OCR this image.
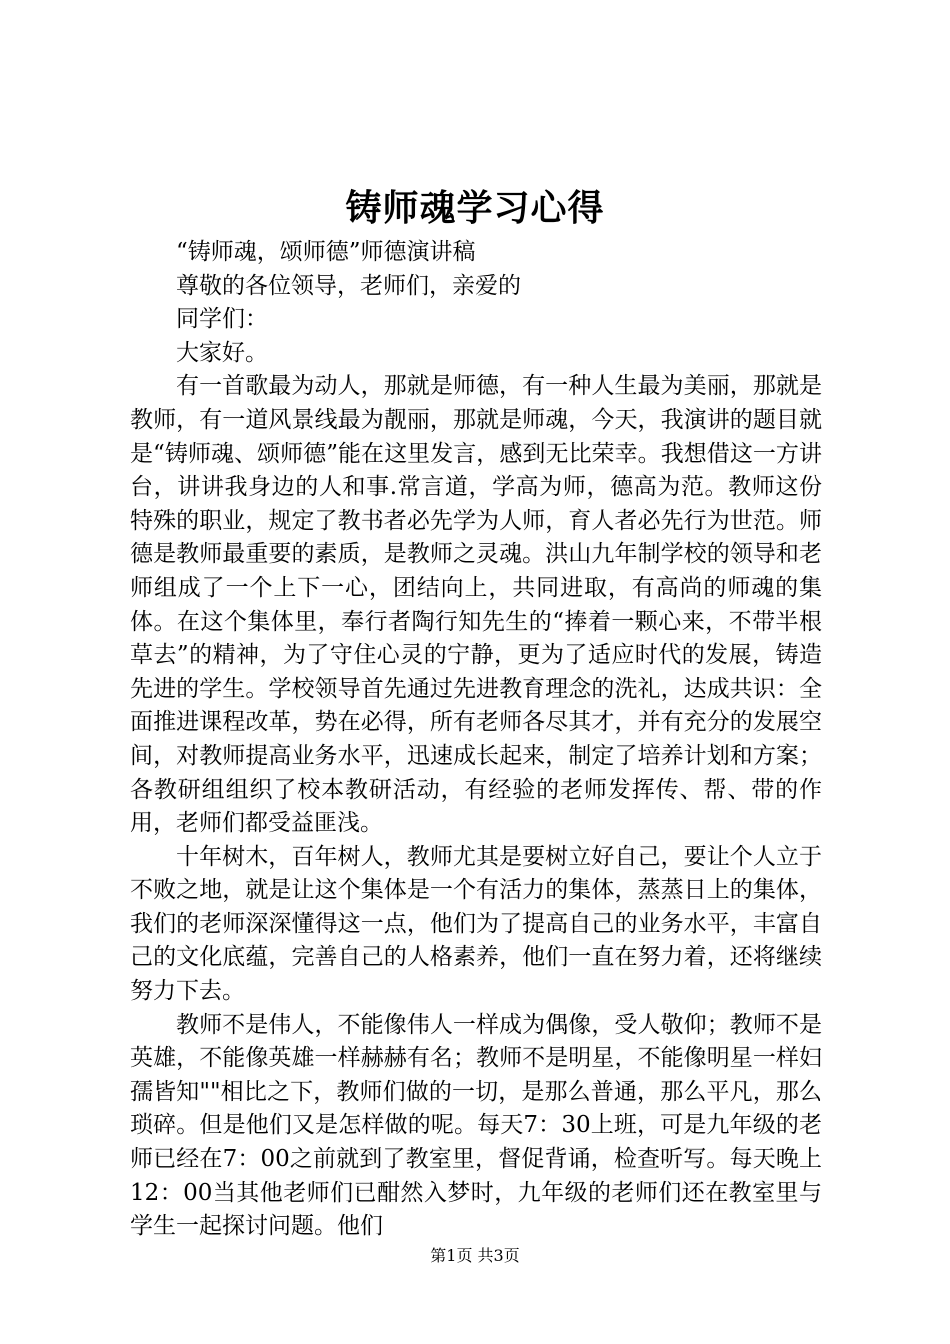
铸师魂学习心得

“铸师魂，颂师德”师德演讲稿

尊敬的各位领导，老师们，亲爱的

同学们：

大家好。

有一首歌最为动人，那就是师德，有一种人生最为美丽，那就是教师，有一道风景线最为靓丽，那就是师魂，今天，我演讲的题目就是“铸师魂、颂师德”能在这里发言，感到无比荣幸。我想借这一方讲台，讲讲我身边的人和事.常言道，学高为师，德高为范。教师这份特殊的职业，规定了教书者必先学为人师，育人者必先行为世范。师德是教师最重要的素质，是教师之灵魂。洪山九年制学校的领导和老师组成了一个上下一心，团结向上，共同进取，有高尚的师魂的集体。在这个集体里，奉行者陶行知先生的“捧着一颗心来，不带半根草去”的精神，为了守住心灵的宁静，更为了适应时代的发展，铸造先进的学生。学校领导首先通过先进教育理念的洗礼，达成共识：全面推进课程改革，势在必得，所有老师各尽其才，并有充分的发展空间，对教师提高业务水平，迅速成长起来，制定了培养计划和方案；各教研组组织了校本教研活动，有经验的老师发挥传、帮、带的作用，老师们都受益匪浅。

十年树木，百年树人，教师尤其是要树立好自己，要让个人立于不败之地，就是让这个集体是一个有活力的集体，蒸蒸日上的集体，我们的老师深深懂得这一点，他们为了提高自己的业务水平，丰富自己的文化底蕴，完善自己的人格素养，他们一直在努力着，还将继续努力下去。

教师不是伟人，不能像伟人一样成为偶像，受人敬仰；教师不是英雄，不能像英雄一样赫赫有名；教师不是明星，不能像明星一样妇孺皆知""相比之下，教师们做的一切，是那么普通，那么平凡，那么琐碎。但是他们又是怎样做的呢。每天7：30上班，可是九年级的老师已经在7：00之前就到了教室里，督促背诵，检查听写。每天晚上12：00当其他老师们已酣然入梦时，九年级的老师们还在教室里与学生一起探讨问题。他们

第1页 共3页
